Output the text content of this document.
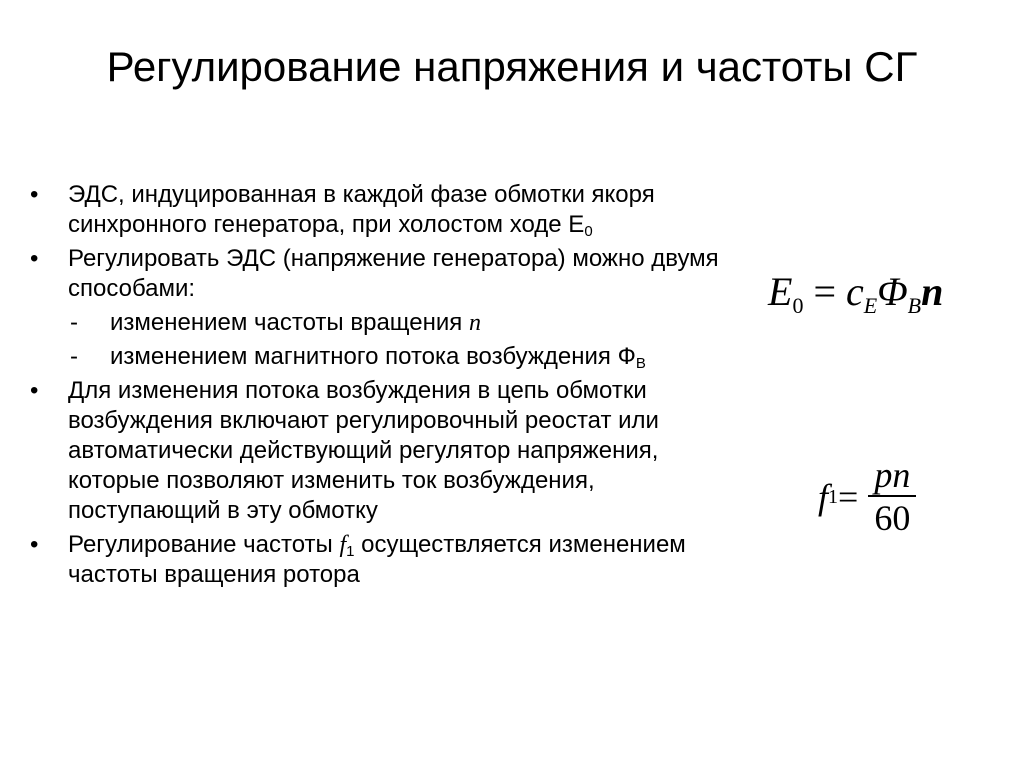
Регулирование напряжения и частоты СГ
•	ЭДС, индуцированная в каждой фазе обмотки якоря синхронного генератора, при холостом ходе $Е_0$
•	Регулировать ЭДС (напряжение генератора) можно двумя способами:
- изменением частоты вращения n
- изменением магнитного потока возбуждения $Ф_В$
•	Для изменения потока возбуждения в цепь обмотки возбуждения включают регулировочный реостат или автоматически действующий регулятор напряжения, которые позволяют изменить ток возбуждения, поступающий в эту обмотку
•	Регулирование частоты $f_1$ осуществляется изменением частоты вращения ротора
$E_0 = c_E\Phi_Bn$
f $1 = \frac{pn}{60}$
